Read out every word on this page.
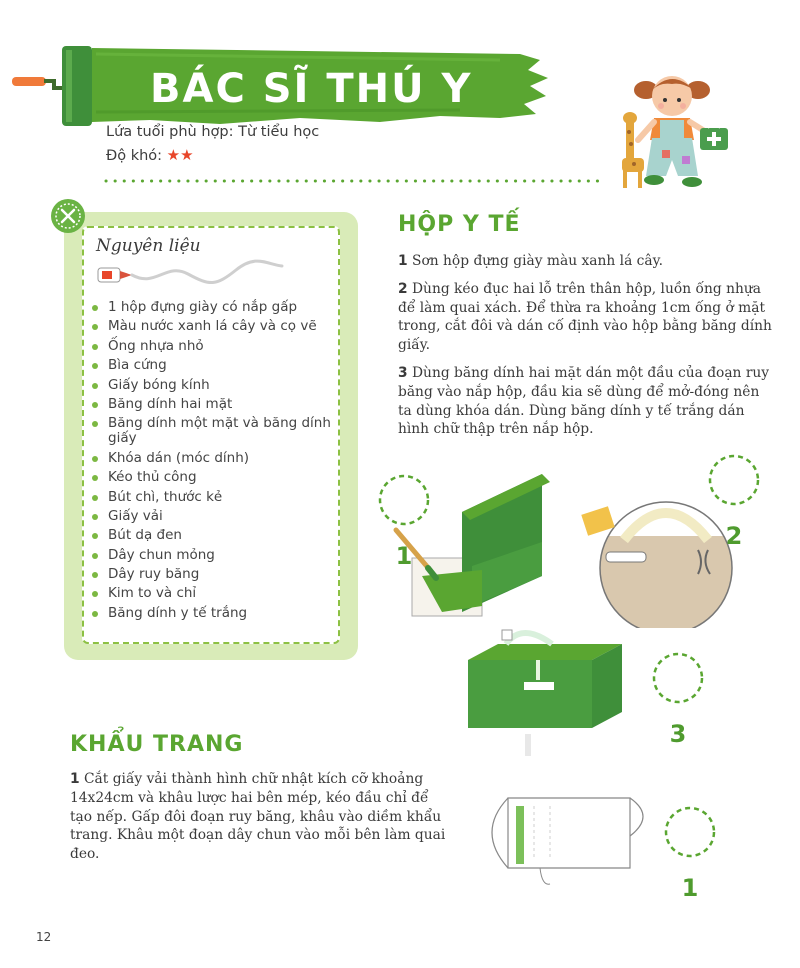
BÁC SĨ THÚ Y
Lứa tuổi phù hợp: Từ tiểu học
Độ khó: ★★
Nguyên liệu
1 hộp đựng giày có nắp gấp
Màu nước xanh lá cây và cọ vẽ
Ống nhựa nhỏ
Bìa cứng
Giấy bóng kính
Băng dính hai mặt
Băng dính một mặt và băng dính giấy
Khóa dán (móc dính)
Kéo thủ công
Bút chì, thước kẻ
Giấy vải
Bút dạ đen
Dây chun mỏng
Dây ruy băng
Kim to và chỉ
Băng dính y tế trắng
HỘP Y TẾ

1 Sơn hộp đựng giày màu xanh lá cây.

2 Dùng kéo đục hai lỗ trên thân hộp, luồn ống nhựa để làm quai xách. Để thừa ra khoảng 1cm ống ở mặt trong, cắt đôi và dán cố định vào hộp bằng băng dính giấy.

3 Dùng băng dính hai mặt dán một đầu của đoạn ruy băng vào nắp hộp, đầu kia sẽ dùng để mở-đóng nên ta dùng khóa dán. Dùng băng dính y tế trắng dán hình chữ thập trên nắp hộp.

1
2
3
1
KHẨU TRANG

1 Cắt giấy vải thành hình chữ nhật kích cỡ khoảng 14x24cm và khâu lược hai bên mép, kéo đầu chỉ để tạo nếp. Gấp đôi đoạn ruy băng, khâu vào diềm khẩu trang. Khâu một đoạn dây chun vào mỗi bên làm quai đeo.

12
